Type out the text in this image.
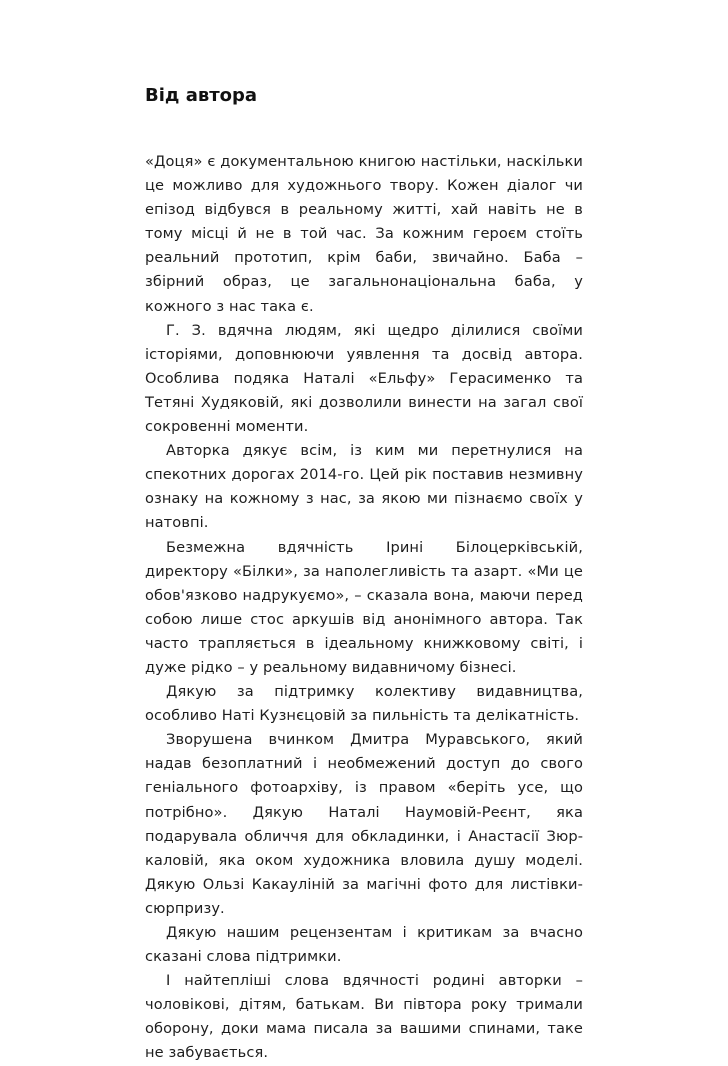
Від автора

«Доця» є документальною книгою настільки, наскільки це можливо для художнього твору. Кожен діалог чи епізод відбувся в реальному житті, хай навіть не в тому місці й не в той час. За кожним героєм стоїть реальний прототип, крім баби, звичайно. Баба – збірний образ, це загальнонаціональна баба, у кожного з нас така є.

Г. З. вдячна людям, які щедро ділилися своїми історіями, доповнюючи уявлення та досвід автора. Особлива подяка Наталі «Ельфу» Герасименко та Тетяні Худяковій, які дозволили винести на загал свої сокровенні моменти.

Авторка дякує всім, із ким ми перетнулися на спекотних дорогах 2014-го. Цей рік поставив незмивну ознаку на кожному з нас, за якою ми пізнаємо своїх у натовпі.

Безмежна вдячність Ірині Білоцерківській, директору «Білки», за наполегливість та азарт. «Ми це обов'язково надрукуємо», – сказала вона, маючи перед собою лише стос аркушів від анонімного автора. Так часто трапляється в ідеальному книжковому світі, і дуже рідко – у реальному видавничому бізнесі.

Дякую за підтримку колективу видавництва, особливо Наті Кузнєцовій за пильність та делікатність.

Зворушена вчинком Дмитра Муравського, який надав безоплатний і необмежений доступ до свого геніального фотоархіву, із правом «беріть усе, що потрібно». Дякую Наталі Наумовій-Реєнт, яка подарувала обличчя для обкладинки, і Анастасії Зюркаловій, яка оком художника вловила душу моделі. Дякую Ользі Какауліній за магічні фото для листівки-сюрпризу.

Дякую нашим рецензентам і критикам за вчасно сказані слова підтримки.

І найтепліші слова вдячності родині авторки – чоловікові, дітям, батькам. Ви півтора року тримали оборону, доки мама писала за вашими спинами, таке не забувається.
